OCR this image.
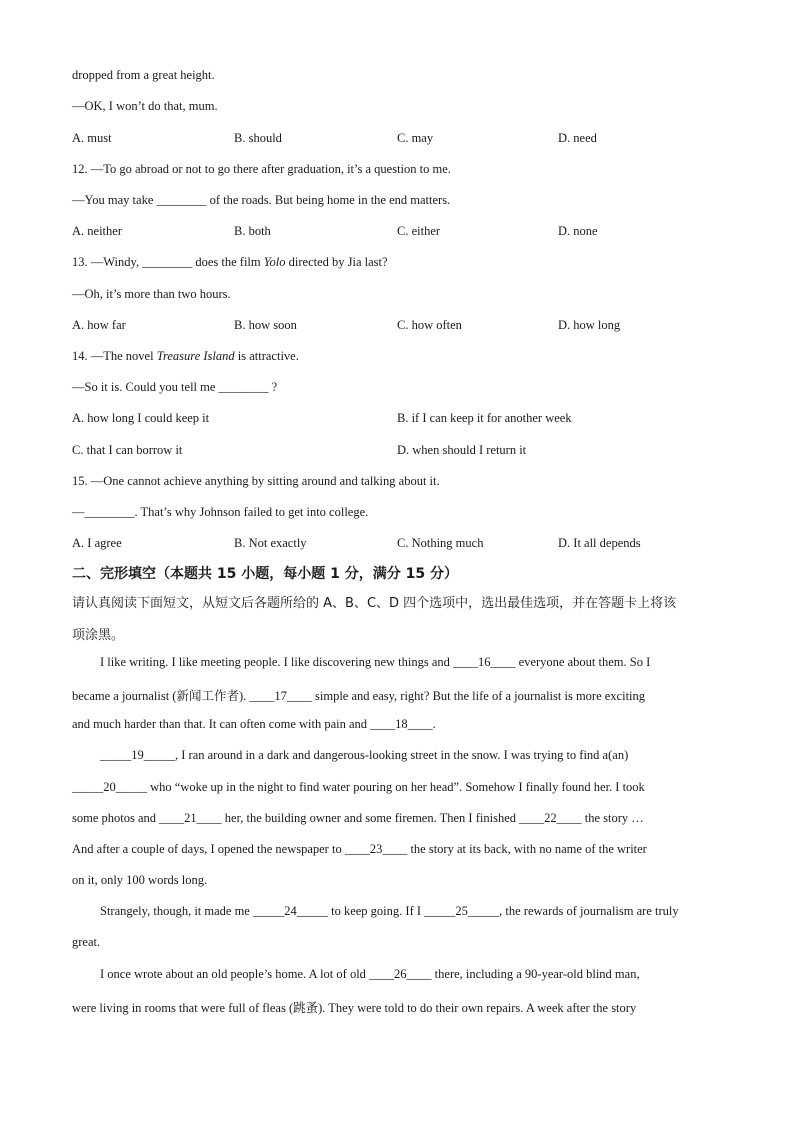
dropped from a great height.
—OK, I won’t do that, mum.
A. must	B. should	C. may	D. need
12. —To go abroad or not to go there after graduation, it’s a question to me.
—You may take ________ of the roads. But being home in the end matters.
A. neither	B. both	C. either	D. none
13. —Windy, ________ does the film Yolo directed by Jia last?
—Oh, it’s more than two hours.
A. how far	B. how soon	C. how often	D. how long
14. —The novel Treasure Island is attractive.
—So it is. Could you tell me ________ ?
A. how long I could keep it	B. if I can keep it for another week
C. that I can borrow it	D. when should I return it
15. —One cannot achieve anything by sitting around and talking about it.
—________. That’s why Johnson failed to get into college.
A. I agree	B. Not exactly	C. Nothing much	D. It all depends
二、完形填空（本题共 15 小题，每小题 1 分，满分 15 分）
请认真阅读下面短文，从短文后各题所给的 A、B、C、D 四个选项中，选出最佳选项，并在答题卡上将该
项涂黑。
I like writing. I like meeting people. I like discovering new things and ____16____ everyone about them. So I
became a journalist (新闻工作者). ____17____ simple and easy, right? But the life of a journalist is more exciting
and much harder than that. It can often come with pain and ____18____.
_____19_____, I ran around in a dark and dangerous-looking street in the snow. I was trying to find a(an)
_____20_____ who “woke up in the night to find water pouring on her head”. Somehow I finally found her. I took
some photos and ____21____ her, the building owner and some firemen. Then I finished ____22____ the story …
And after a couple of days, I opened the newspaper to ____23____ the story at its back, with no name of the writer
on it, only 100 words long.
Strangely, though, it made me _____24_____ to keep going. If I _____25_____, the rewards of journalism are truly
great.
I once wrote about an old people’s home. A lot of old ____26____ there, including a 90-year-old blind man,
were living in rooms that were full of fleas (跳蚤). They were told to do their own repairs. A week after the story
